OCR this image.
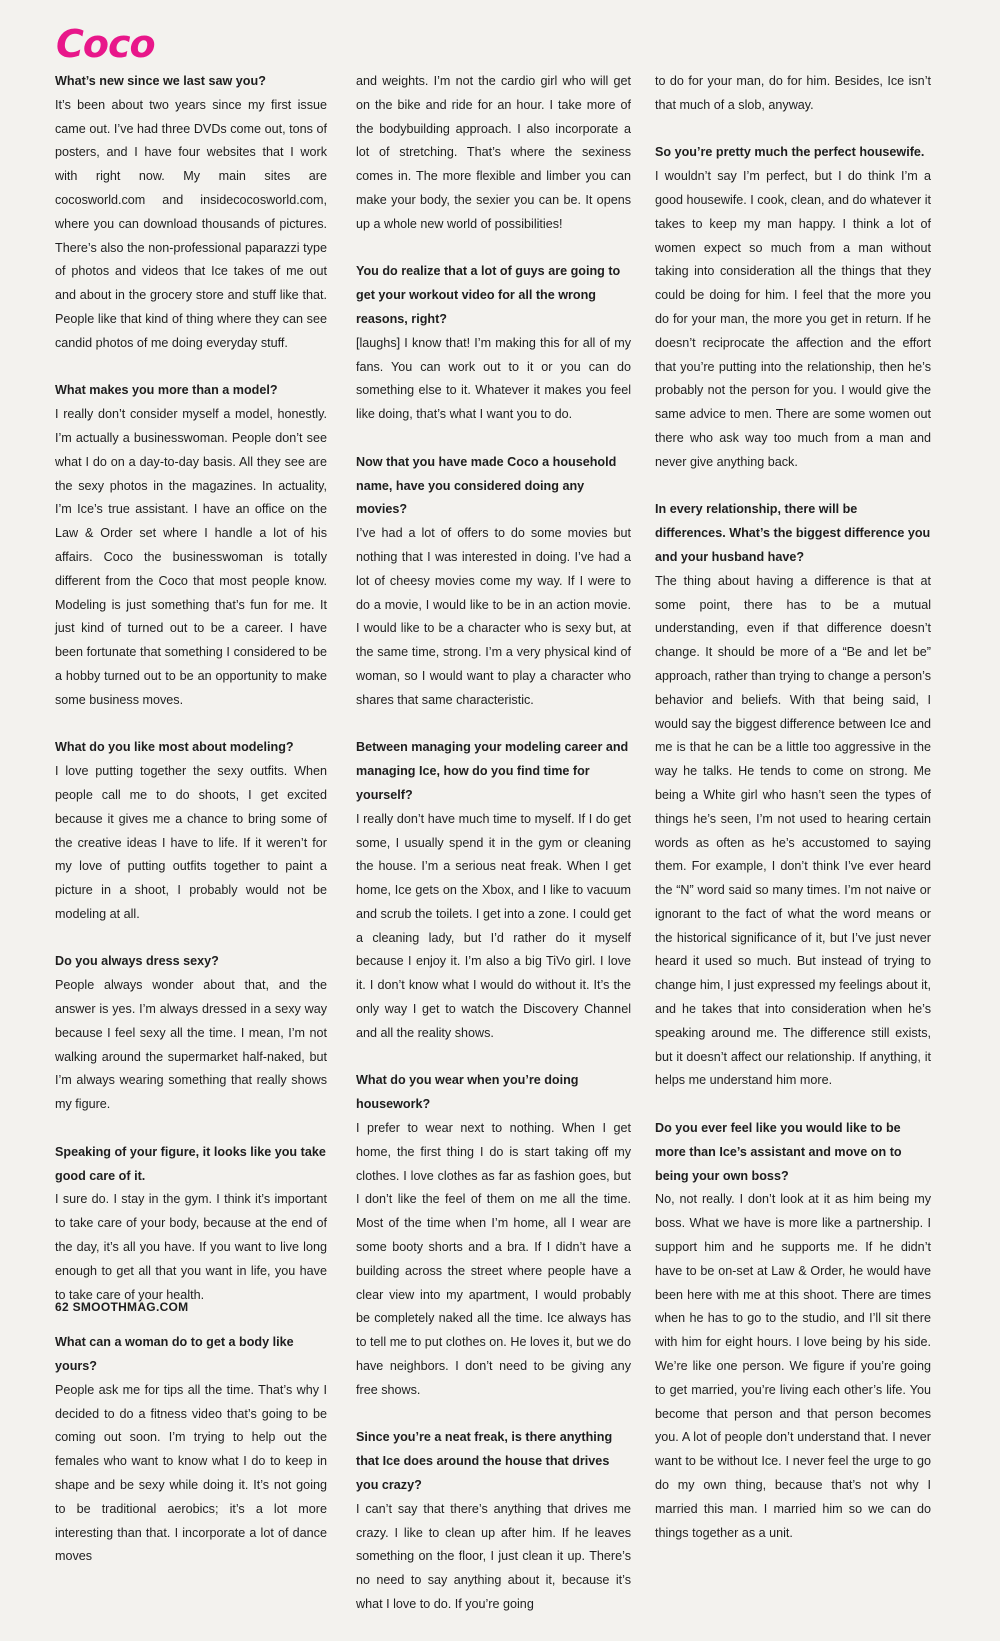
Coco

What’s new since we last saw you?

It’s been about two years since my first issue came out. I’ve had three DVDs come out, tons of posters, and I have four websites that I work with right now. My main sites are cocosworld.com and insidecocosworld.com, where you can download thousands of pictures. There’s also the non-professional paparazzi type of photos and videos that Ice takes of me out and about in the grocery store and stuff like that. People like that kind of thing where they can see candid photos of me doing everyday stuff.

What makes you more than a model?

I really don’t consider myself a model, honestly. I’m actually a businesswoman. People don’t see what I do on a day-to-day basis. All they see are the sexy photos in the magazines. In actuality, I’m Ice’s true assistant. I have an office on the Law & Order set where I handle a lot of his affairs. Coco the businesswoman is totally different from the Coco that most people know. Modeling is just something that’s fun for me. It just kind of turned out to be a career. I have been fortunate that something I considered to be a hobby turned out to be an opportunity to make some business moves.

What do you like most about modeling?

I love putting together the sexy outfits. When people call me to do shoots, I get excited because it gives me a chance to bring some of the creative ideas I have to life. If it weren’t for my love of putting outfits together to paint a picture in a shoot, I probably would not be modeling at all.

Do you always dress sexy?

People always wonder about that, and the answer is yes. I’m always dressed in a sexy way because I feel sexy all the time. I mean, I’m not walking around the supermarket half-naked, but I’m always wearing something that really shows my figure.

Speaking of your figure, it looks like you take good care of it.

I sure do. I stay in the gym. I think it’s important to take care of your body, because at the end of the day, it’s all you have. If you want to live long enough to get all that you want in life, you have to take care of your health.

What can a woman do to get a body like yours?

People ask me for tips all the time. That’s why I decided to do a fitness video that’s going to be coming out soon. I’m trying to help out the females who want to know what I do to keep in shape and be sexy while doing it. It’s not going to be traditional aerobics; it’s a lot more interesting than that. I incorporate a lot of dance moves

and weights. I’m not the cardio girl who will get on the bike and ride for an hour. I take more of the bodybuilding approach. I also incorporate a lot of stretching. That’s where the sexiness comes in. The more flexible and limber you can make your body, the sexier you can be. It opens up a whole new world of possibilities!

You do realize that a lot of guys are going to get your workout video for all the wrong reasons, right?

[laughs] I know that! I’m making this for all of my fans. You can work out to it or you can do something else to it. Whatever it makes you feel like doing, that’s what I want you to do.

Now that you have made Coco a household name, have you considered doing any movies?

I’ve had a lot of offers to do some movies but nothing that I was interested in doing. I’ve had a lot of cheesy movies come my way. If I were to do a movie, I would like to be in an action movie. I would like to be a character who is sexy but, at the same time, strong. I’m a very physical kind of woman, so I would want to play a character who shares that same characteristic.

Between managing your modeling career and managing Ice, how do you find time for yourself?

I really don’t have much time to myself. If I do get some, I usually spend it in the gym or cleaning the house. I’m a serious neat freak. When I get home, Ice gets on the Xbox, and I like to vacuum and scrub the toilets. I get into a zone. I could get a cleaning lady, but I’d rather do it myself because I enjoy it. I’m also a big TiVo girl. I love it. I don’t know what I would do without it. It’s the only way I get to watch the Discovery Channel and all the reality shows.

What do you wear when you’re doing housework?

I prefer to wear next to nothing. When I get home, the first thing I do is start taking off my clothes. I love clothes as far as fashion goes, but I don’t like the feel of them on me all the time. Most of the time when I’m home, all I wear are some booty shorts and a bra. If I didn’t have a building across the street where people have a clear view into my apartment, I would probably be completely naked all the time. Ice always has to tell me to put clothes on. He loves it, but we do have neighbors. I don’t need to be giving any free shows.

Since you’re a neat freak, is there anything that Ice does around the house that drives you crazy?

I can’t say that there’s anything that drives me crazy. I like to clean up after him. If he leaves something on the floor, I just clean it up. There’s no need to say anything about it, because it’s what I love to do. If you’re going

to do for your man, do for him. Besides, Ice isn’t that much of a slob, anyway.

So you’re pretty much the perfect housewife.

I wouldn’t say I’m perfect, but I do think I’m a good housewife. I cook, clean, and do whatever it takes to keep my man happy. I think a lot of women expect so much from a man without taking into consideration all the things that they could be doing for him. I feel that the more you do for your man, the more you get in return. If he doesn’t reciprocate the affection and the effort that you’re putting into the relationship, then he’s probably not the person for you. I would give the same advice to men. There are some women out there who ask way too much from a man and never give anything back.

In every relationship, there will be differences. What’s the biggest difference you and your husband have?

The thing about having a difference is that at some point, there has to be a mutual understanding, even if that difference doesn’t change. It should be more of a “Be and let be” approach, rather than trying to change a person’s behavior and beliefs. With that being said, I would say the biggest difference between Ice and me is that he can be a little too aggressive in the way he talks. He tends to come on strong. Me being a White girl who hasn’t seen the types of things he’s seen, I’m not used to hearing certain words as often as he’s accustomed to saying them. For example, I don’t think I’ve ever heard the “N” word said so many times. I’m not naive or ignorant to the fact of what the word means or the historical significance of it, but I’ve just never heard it used so much. But instead of trying to change him, I just expressed my feelings about it, and he takes that into consideration when he’s speaking around me. The difference still exists, but it doesn’t affect our relationship. If anything, it helps me understand him more.

Do you ever feel like you would like to be more than Ice’s assistant and move on to being your own boss?

No, not really. I don’t look at it as him being my boss. What we have is more like a partnership. I support him and he supports me. If he didn’t have to be on-set at Law & Order, he would have been here with me at this shoot. There are times when he has to go to the studio, and I’ll sit there with him for eight hours. I love being by his side. We’re like one person. We figure if you’re going to get married, you’re living each other’s life. You become that person and that person becomes you. A lot of people don’t understand that. I never want to be without Ice. I never feel the urge to go do my own thing, because that’s not why I married this man. I married him so we can do things together as a unit.

62 SMOOTHMAG.COM
